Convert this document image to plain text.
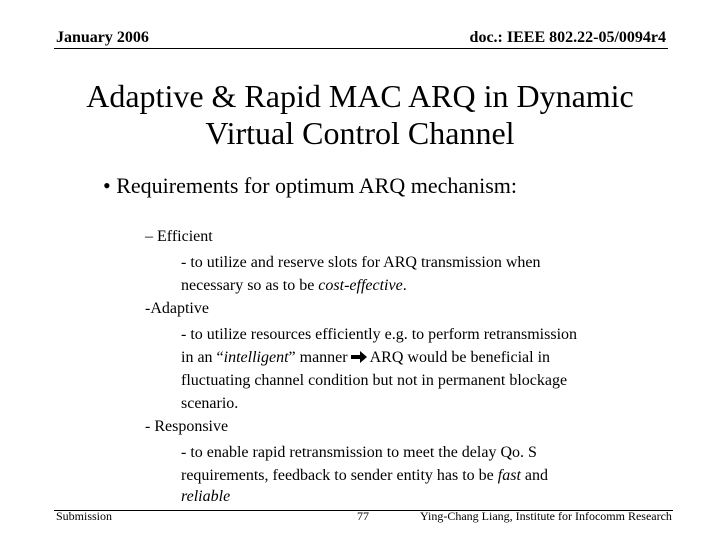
January 2006	doc.: IEEE 802.22-05/0094r4
Adaptive & Rapid MAC ARQ in Dynamic
Virtual Control Channel
• Requirements for optimum ARQ mechanism:
– Efficient
- to utilize and reserve slots for ARQ transmission when
necessary so as to be cost-effective.
-Adaptive
- to utilize resources efficiently e.g. to perform retransmission
in an “intelligent” manner ARQ would be beneficial in
fluctuating channel condition but not in permanent blockage
scenario.
- Responsive
- to enable rapid retransmission to meet the delay Qo. S
requirements, feedback to sender entity has to be fast and
reliable
Submission	77	Ying-Chang Liang, Institute for Infocomm Research
